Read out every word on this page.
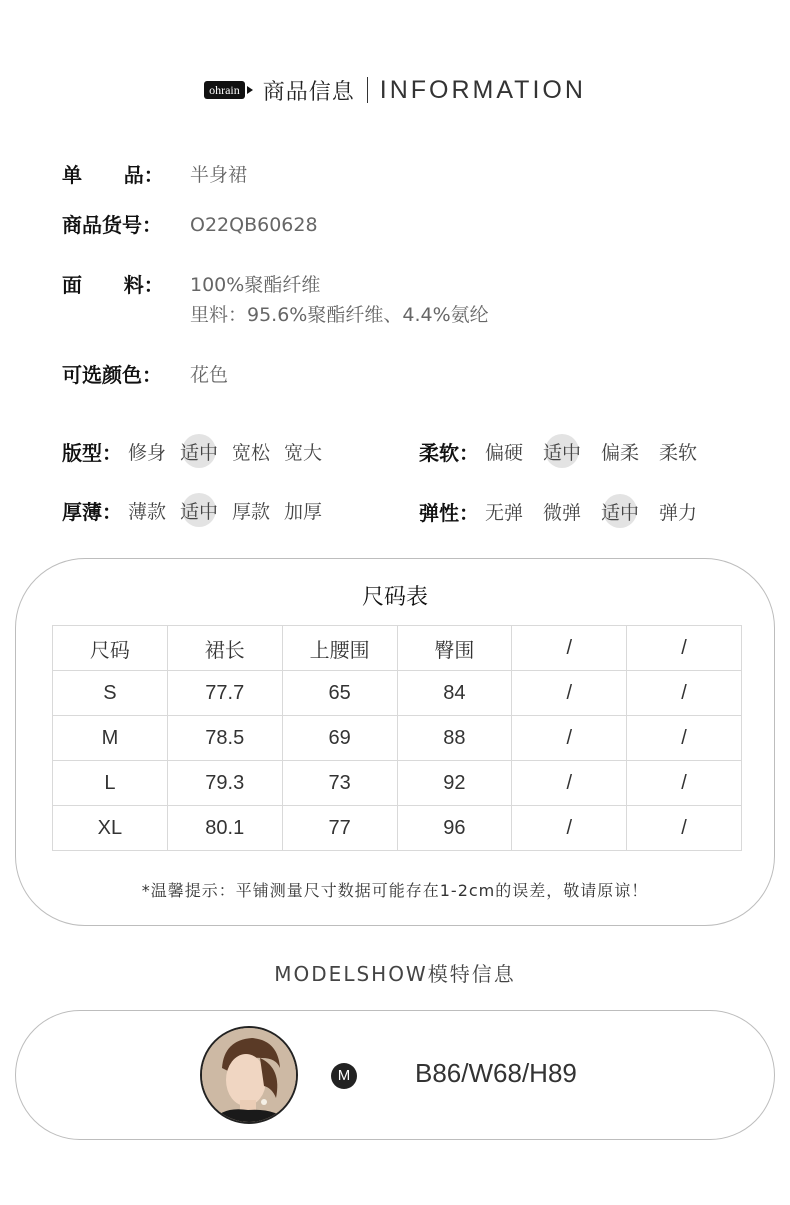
ohrain 商品信息 INFORMATION
单      品：	半身裙
商品货号：	O22QB60628
面      料：	100%聚酯纤维
里料：95.6%聚酯纤维、4.4%氨纶
可选颜色：	花色
版型： 修身 适中 宽松 宽大
厚薄： 薄款 适中 厚款 加厚
柔软： 偏硬 适中 偏柔 柔软
弹性： 无弹 微弹 适中 弹力
尺码表
尺码	裙长	上腰围	臀围	/	/
S	77.7	65	84	/	/
M	78.5	69	88	/	/
L	79.3	73	92	/	/
XL	80.1	77	96	/	/
*温馨提示：平铺测量尺寸数据可能存在1-2cm的误差，敬请原谅！
MODELSHOW模特信息
M B86/W68/H89
